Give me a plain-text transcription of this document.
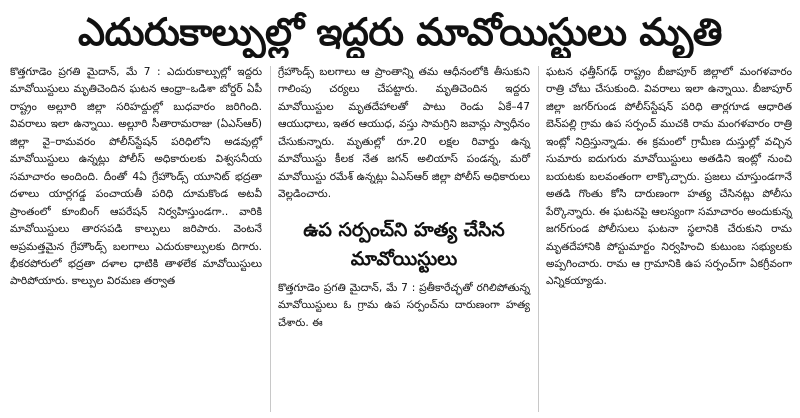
ఎదురుకాల్పుల్లో ఇద్దరు మావోయిస్టులు మృతి

కొత్తగూడెం ప్రగతి మైదాన్, మే 7 : ఎదురుకాల్పుల్లో ఇద్దరు మావోయిస్టులు మృతిచెందిన ఘటన ఆంధ్రా–ఒడిశా బోర్డర్ ఏపీ రాష్ట్రం అల్లూరి జిల్లా సరిహద్దుల్లో బుధవారం జరిగింది. వివరాలు ఇలా ఉన్నాయి. అల్లూరి సీతారామరాజు (ఏఎస్ఆర్) జిల్లా వై–రామవరం పోలీస్‌స్టేషన్ పరిధిలోని అడవుల్లో మావోయిస్టులు ఉన్నట్లు పోలీస్ అధికారులకు విశ్వసనీయ సమాచారం అందింది. దీంతో 4ఏ గ్రేహౌండ్స్ యూనిట్ భద్రతా దళాలు యార్లగడ్డ పంచాయతీ పరిధి దూమకొండ అటవీ ప్రాంతంలో కూంబింగ్ ఆపరేషన్ నిర్వహిస్తుండగా.. వారికి మావోయిస్టులు తారసపడి కాల్పులు జరిపారు. వెంటనే అప్రమత్తమైన గ్రేహౌండ్స్ బలగాలు ఎదురుకాల్పులకు దిగారు. భీకరపోరులో భద్రతా దళాల ధాటికి తాళలేక మావోయిస్టులు పారిపోయారు. కాల్పుల విరమణ తర్వాత

గ్రేహౌండ్స్ బలగాలు ఆ ప్రాంతాన్ని తమ ఆధీనంలోకి తీసుకుని గాలింపు చర్యలు చేపట్టారు. మృతిచెందిన ఇద్దరు మావోయిస్టుల మృతదేహాలతో పాటు రెండు ఏకే–47 ఆయుధాలు, ఇతర ఆయుధ, వస్తు సామగ్రిని జవాన్లు స్వాధీనం చేసుకున్నారు. మృతుల్లో రూ.20 లక్షల రివార్డు ఉన్న మావోయిస్టు కీలక నేత జగన్ అలియాస్ పండన్న, మరో మావోయిస్టు రమేశ్ ఉన్నట్లు ఏఎస్ఆర్ జిల్లా పోలీస్ అధికారులు వెల్లడించారు.

ఉప సర్పంచ్‌ని హత్య చేసిన
మావోయిస్టులు

కొత్తగూడెం ప్రగతి మైదాన్, మే 7 : ప్రతీకారేచ్ఛతో రగిలిపోతున్న మావోయిస్టులు ఓ గ్రామ ఉప సర్పంచ్‌ను దారుణంగా హత్య చేశారు. ఈ

ఘటన ఛత్తీస్‌గఢ్ రాష్ట్రం బీజాపూర్ జిల్లాలో మంగళవారం రాత్రి చోటు చేసుకుంది. వివరాలు ఇలా ఉన్నాయి. బీజాపూర్ జిల్లా జగర్‌గుండ పోలీస్‌స్టేషన్ పరిధి తార్లగూడ ఆధారిత బెన్‌పల్లి గ్రామ ఉప సర్పంచ్ ముచకి రామ మంగళవారం రాత్రి ఇంట్లో నిద్రిస్తున్నాడు. ఈ క్రమంలో గ్రామీణ దుస్తుల్లో వచ్చిన సుమారు ఐదుగురు మావోయిస్టులు అతడిని ఇంట్లో నుంచి బయటకు బలవంతంగా లాక్కొచ్చారు. ప్రజలు చూస్తుండగానే అతడి గొంతు కోసి దారుణంగా హత్య చేసినట్లు పోలీసు పేర్కొన్నారు. ఈ ఘటనపై ఆలస్యంగా సమాచారం అందుకున్న జగర్‌గుండ పోలీసులు ఘటనా స్థలానికి చేరుకుని రామ మృతదేహానికి పోస్టుమార్టం నిర్వహించి కుటుంబ సభ్యులకు అప్పగించారు. రామ ఆ గ్రామానికి ఉప సర్పంచ్‌గా ఏకగ్రీవంగా ఎన్నికయ్యాడు.
